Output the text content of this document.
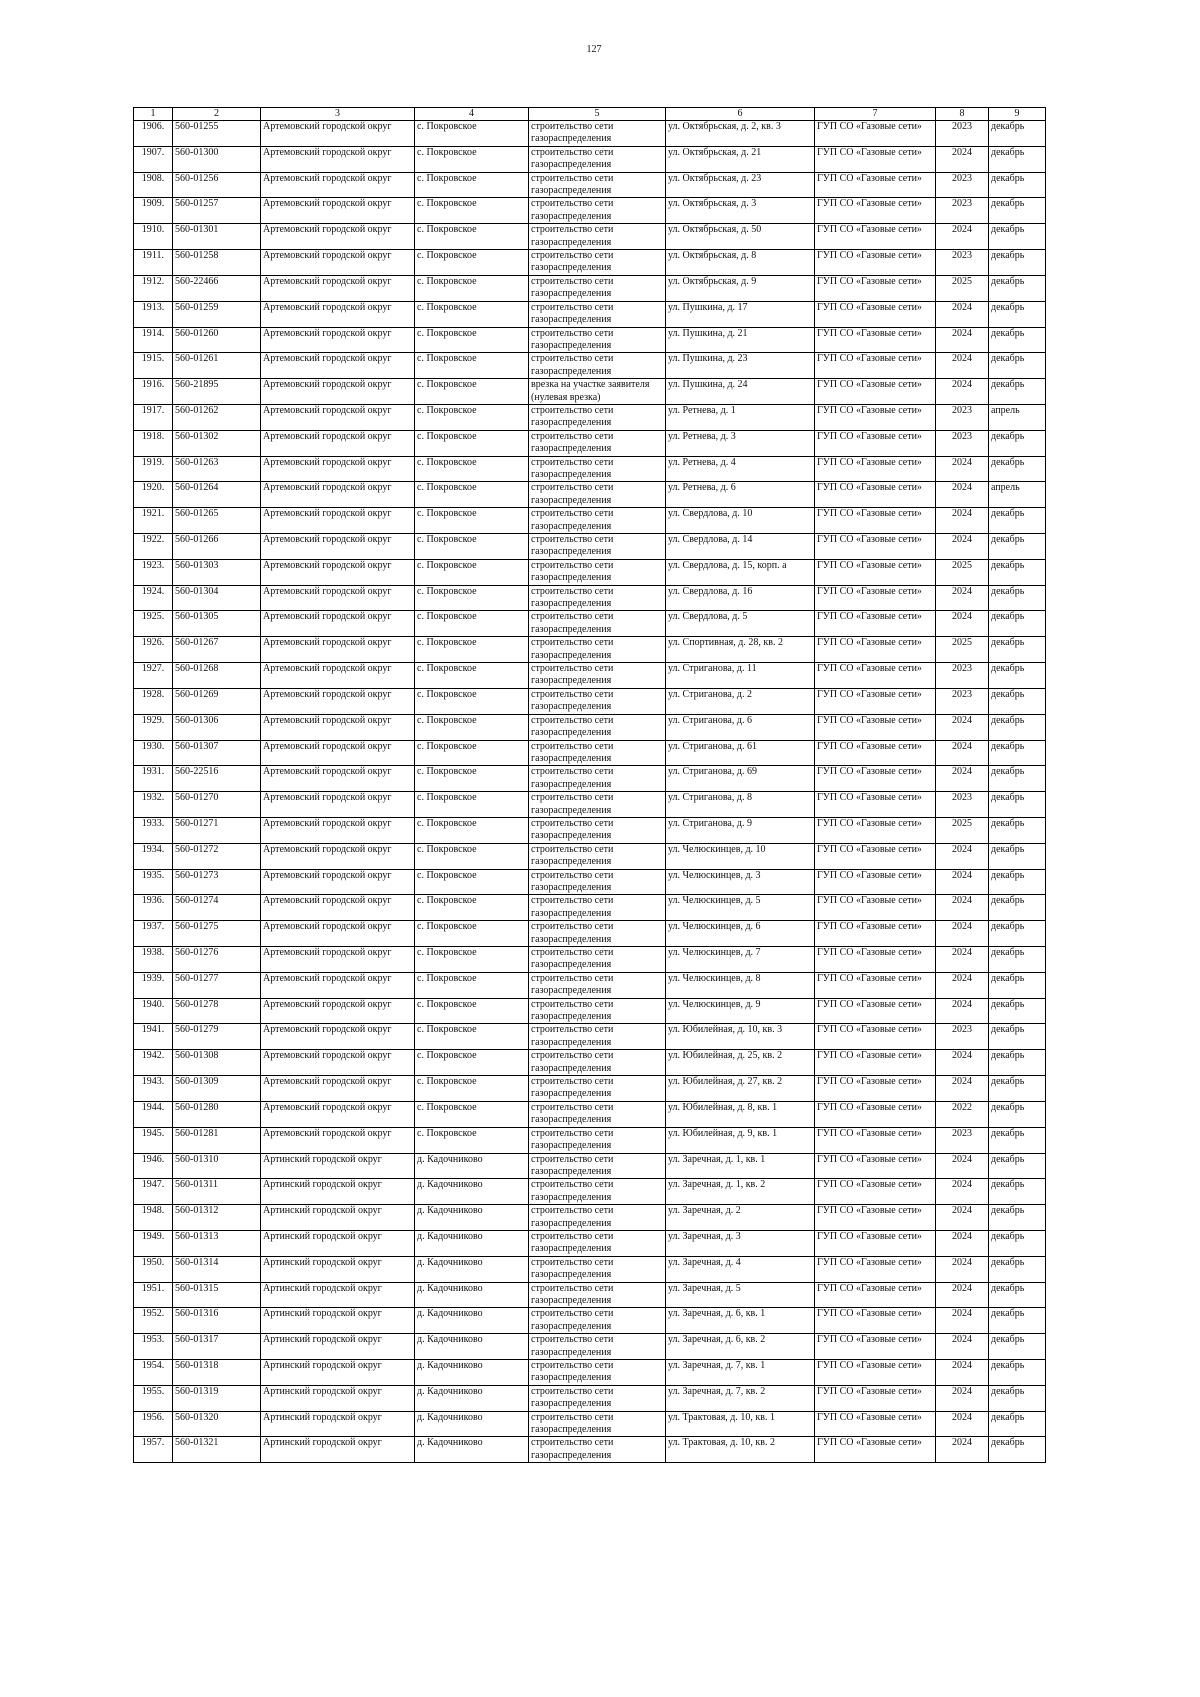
127
1	2	3	4	5	6	7	8	9
1906.	560-01255	Артемовский городской округ	с. Покровское	строительство сети газораспределения	ул. Октябрьская, д. 2, кв. 3	ГУП СО «Газовые сети»	2023	декабрь
1907.	560-01300	Артемовский городской округ	с. Покровское	строительство сети газораспределения	ул. Октябрьская, д. 21	ГУП СО «Газовые сети»	2024	декабрь
1908.	560-01256	Артемовский городской округ	с. Покровское	строительство сети газораспределения	ул. Октябрьская, д. 23	ГУП СО «Газовые сети»	2023	декабрь
1909.	560-01257	Артемовский городской округ	с. Покровское	строительство сети газораспределения	ул. Октябрьская, д. 3	ГУП СО «Газовые сети»	2023	декабрь
1910.	560-01301	Артемовский городской округ	с. Покровское	строительство сети газораспределения	ул. Октябрьская, д. 50	ГУП СО «Газовые сети»	2024	декабрь
1911.	560-01258	Артемовский городской округ	с. Покровское	строительство сети газораспределения	ул. Октябрьская, д. 8	ГУП СО «Газовые сети»	2023	декабрь
1912.	560-22466	Артемовский городской округ	с. Покровское	строительство сети газораспределения	ул. Октябрьская, д. 9	ГУП СО «Газовые сети»	2025	декабрь
1913.	560-01259	Артемовский городской округ	с. Покровское	строительство сети газораспределения	ул. Пушкина, д. 17	ГУП СО «Газовые сети»	2024	декабрь
1914.	560-01260	Артемовский городской округ	с. Покровское	строительство сети газораспределения	ул. Пушкина, д. 21	ГУП СО «Газовые сети»	2024	декабрь
1915.	560-01261	Артемовский городской округ	с. Покровское	строительство сети газораспределения	ул. Пушкина, д. 23	ГУП СО «Газовые сети»	2024	декабрь
1916.	560-21895	Артемовский городской округ	с. Покровское	врезка на участке заявителя (нулевая врезка)	ул. Пушкина, д. 24	ГУП СО «Газовые сети»	2024	декабрь
1917.	560-01262	Артемовский городской округ	с. Покровское	строительство сети газораспределения	ул. Ретнева, д. 1	ГУП СО «Газовые сети»	2023	апрель
1918.	560-01302	Артемовский городской округ	с. Покровское	строительство сети газораспределения	ул. Ретнева, д. 3	ГУП СО «Газовые сети»	2023	декабрь
1919.	560-01263	Артемовский городской округ	с. Покровское	строительство сети газораспределения	ул. Ретнева, д. 4	ГУП СО «Газовые сети»	2024	декабрь
1920.	560-01264	Артемовский городской округ	с. Покровское	строительство сети газораспределения	ул. Ретнева, д. 6	ГУП СО «Газовые сети»	2024	апрель
1921.	560-01265	Артемовский городской округ	с. Покровское	строительство сети газораспределения	ул. Свердлова, д. 10	ГУП СО «Газовые сети»	2024	декабрь
1922.	560-01266	Артемовский городской округ	с. Покровское	строительство сети газораспределения	ул. Свердлова, д. 14	ГУП СО «Газовые сети»	2024	декабрь
1923.	560-01303	Артемовский городской округ	с. Покровское	строительство сети газораспределения	ул. Свердлова, д. 15, корп. а	ГУП СО «Газовые сети»	2025	декабрь
1924.	560-01304	Артемовский городской округ	с. Покровское	строительство сети газораспределения	ул. Свердлова, д. 16	ГУП СО «Газовые сети»	2024	декабрь
1925.	560-01305	Артемовский городской округ	с. Покровское	строительство сети газораспределения	ул. Свердлова, д. 5	ГУП СО «Газовые сети»	2024	декабрь
1926.	560-01267	Артемовский городской округ	с. Покровское	строительство сети газораспределения	ул. Спортивная, д. 28, кв. 2	ГУП СО «Газовые сети»	2025	декабрь
1927.	560-01268	Артемовский городской округ	с. Покровское	строительство сети газораспределения	ул. Стриганова, д. 11	ГУП СО «Газовые сети»	2023	декабрь
1928.	560-01269	Артемовский городской округ	с. Покровское	строительство сети газораспределения	ул. Стриганова, д. 2	ГУП СО «Газовые сети»	2023	декабрь
1929.	560-01306	Артемовский городской округ	с. Покровское	строительство сети газораспределения	ул. Стриганова, д. 6	ГУП СО «Газовые сети»	2024	декабрь
1930.	560-01307	Артемовский городской округ	с. Покровское	строительство сети газораспределения	ул. Стриганова, д. 61	ГУП СО «Газовые сети»	2024	декабрь
1931.	560-22516	Артемовский городской округ	с. Покровское	строительство сети газораспределения	ул. Стриганова, д. 69	ГУП СО «Газовые сети»	2024	декабрь
1932.	560-01270	Артемовский городской округ	с. Покровское	строительство сети газораспределения	ул. Стриганова, д. 8	ГУП СО «Газовые сети»	2023	декабрь
1933.	560-01271	Артемовский городской округ	с. Покровское	строительство сети газораспределения	ул. Стриганова, д. 9	ГУП СО «Газовые сети»	2025	декабрь
1934.	560-01272	Артемовский городской округ	с. Покровское	строительство сети газораспределения	ул. Челюскинцев, д. 10	ГУП СО «Газовые сети»	2024	декабрь
1935.	560-01273	Артемовский городской округ	с. Покровское	строительство сети газораспределения	ул. Челюскинцев, д. 3	ГУП СО «Газовые сети»	2024	декабрь
1936.	560-01274	Артемовский городской округ	с. Покровское	строительство сети газораспределения	ул. Челюскинцев, д. 5	ГУП СО «Газовые сети»	2024	декабрь
1937.	560-01275	Артемовский городской округ	с. Покровское	строительство сети газораспределения	ул. Челюскинцев, д. 6	ГУП СО «Газовые сети»	2024	декабрь
1938.	560-01276	Артемовский городской округ	с. Покровское	строительство сети газораспределения	ул. Челюскинцев, д. 7	ГУП СО «Газовые сети»	2024	декабрь
1939.	560-01277	Артемовский городской округ	с. Покровское	строительство сети газораспределения	ул. Челюскинцев, д. 8	ГУП СО «Газовые сети»	2024	декабрь
1940.	560-01278	Артемовский городской округ	с. Покровское	строительство сети газораспределения	ул. Челюскинцев, д. 9	ГУП СО «Газовые сети»	2024	декабрь
1941.	560-01279	Артемовский городской округ	с. Покровское	строительство сети газораспределения	ул. Юбилейная, д. 10, кв. 3	ГУП СО «Газовые сети»	2023	декабрь
1942.	560-01308	Артемовский городской округ	с. Покровское	строительство сети газораспределения	ул. Юбилейная, д. 25, кв. 2	ГУП СО «Газовые сети»	2024	декабрь
1943.	560-01309	Артемовский городской округ	с. Покровское	строительство сети газораспределения	ул. Юбилейная, д. 27, кв. 2	ГУП СО «Газовые сети»	2024	декабрь
1944.	560-01280	Артемовский городской округ	с. Покровское	строительство сети газораспределения	ул. Юбилейная, д. 8, кв. 1	ГУП СО «Газовые сети»	2022	декабрь
1945.	560-01281	Артемовский городской округ	с. Покровское	строительство сети газораспределения	ул. Юбилейная, д. 9, кв. 1	ГУП СО «Газовые сети»	2023	декабрь
1946.	560-01310	Артинский городской округ	д. Кадочниково	строительство сети газораспределения	ул. Заречная, д. 1, кв. 1	ГУП СО «Газовые сети»	2024	декабрь
1947.	560-01311	Артинский городской округ	д. Кадочниково	строительство сети газораспределения	ул. Заречная, д. 1, кв. 2	ГУП СО «Газовые сети»	2024	декабрь
1948.	560-01312	Артинский городской округ	д. Кадочниково	строительство сети газораспределения	ул. Заречная, д. 2	ГУП СО «Газовые сети»	2024	декабрь
1949.	560-01313	Артинский городской округ	д. Кадочниково	строительство сети газораспределения	ул. Заречная, д. 3	ГУП СО «Газовые сети»	2024	декабрь
1950.	560-01314	Артинский городской округ	д. Кадочниково	строительство сети газораспределения	ул. Заречная, д. 4	ГУП СО «Газовые сети»	2024	декабрь
1951.	560-01315	Артинский городской округ	д. Кадочниково	строительство сети газораспределения	ул. Заречная, д. 5	ГУП СО «Газовые сети»	2024	декабрь
1952.	560-01316	Артинский городской округ	д. Кадочниково	строительство сети газораспределения	ул. Заречная, д. 6, кв. 1	ГУП СО «Газовые сети»	2024	декабрь
1953.	560-01317	Артинский городской округ	д. Кадочниково	строительство сети газораспределения	ул. Заречная, д. 6, кв. 2	ГУП СО «Газовые сети»	2024	декабрь
1954.	560-01318	Артинский городской округ	д. Кадочниково	строительство сети газораспределения	ул. Заречная, д. 7, кв. 1	ГУП СО «Газовые сети»	2024	декабрь
1955.	560-01319	Артинский городской округ	д. Кадочниково	строительство сети газораспределения	ул. Заречная, д. 7, кв. 2	ГУП СО «Газовые сети»	2024	декабрь
1956.	560-01320	Артинский городской округ	д. Кадочниково	строительство сети газораспределения	ул. Трактовая, д. 10, кв. 1	ГУП СО «Газовые сети»	2024	декабрь
1957.	560-01321	Артинский городской округ	д. Кадочниково	строительство сети газораспределения	ул. Трактовая, д. 10, кв. 2	ГУП СО «Газовые сети»	2024	декабрь
